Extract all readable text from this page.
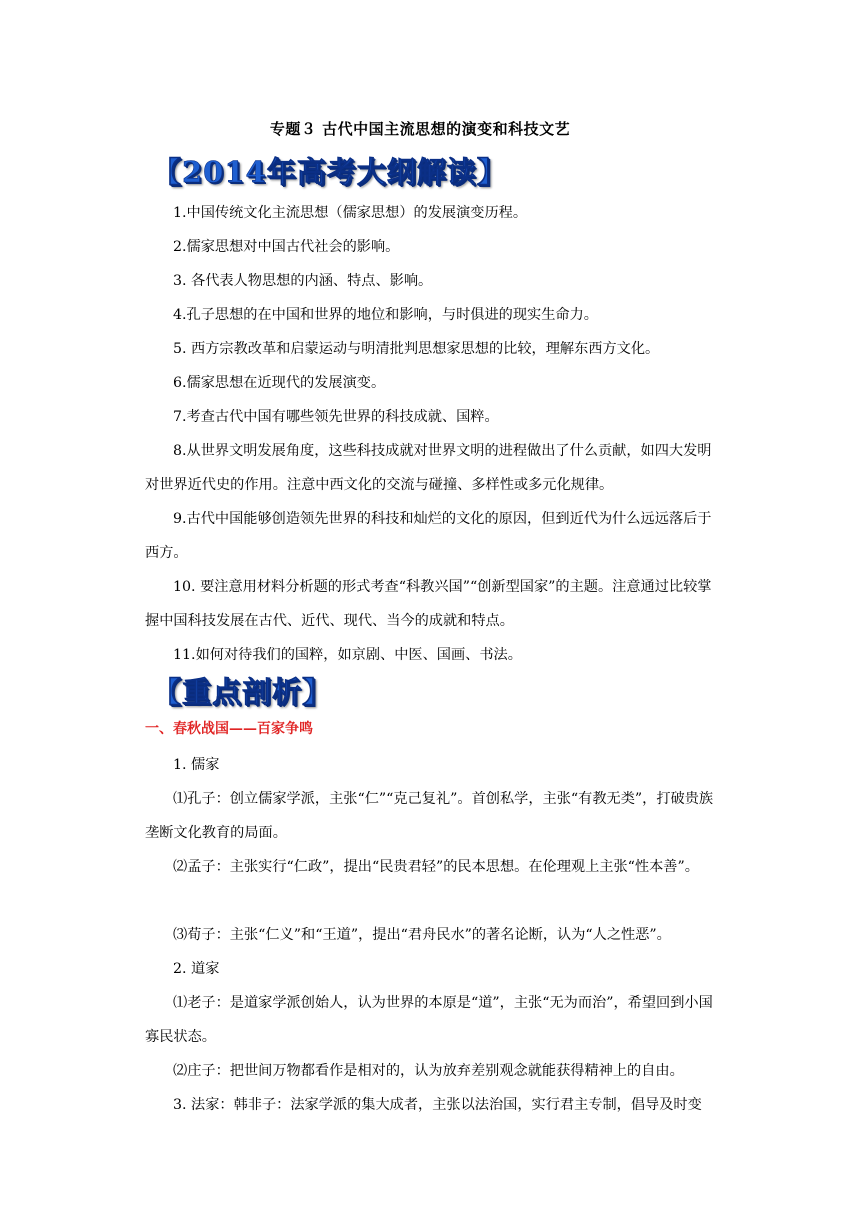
专题３ 古代中国主流思想的演变和科技文艺
【2014年高考大纲解读】
1.中国传统文化主流思想（儒家思想）的发展演变历程。
2.儒家思想对中国古代社会的影响。
3. 各代表人物思想的内涵、特点、影响。
4.孔子思想的在中国和世界的地位和影响，与时俱进的现实生命力。
5. 西方宗教改革和启蒙运动与明清批判思想家思想的比较，理解东西方文化。
6.儒家思想在近现代的发展演变。
7.考查古代中国有哪些领先世界的科技成就、国粹。
8.从世界文明发展角度，这些科技成就对世界文明的进程做出了什么贡献，如四大发明对世界近代史的作用。注意中西文化的交流与碰撞、多样性或多元化规律。
9.古代中国能够创造领先世界的科技和灿烂的文化的原因，但到近代为什么远远落后于西方。
10. 要注意用材料分析题的形式考查“科教兴国”“创新型国家”的主题。注意通过比较掌握中国科技发展在古代、近代、现代、当今的成就和特点。
11.如何对待我们的国粹，如京剧、中医、国画、书法。
【重点剖析】
一、春秋战国——百家争鸣
1. 儒家
⑴孔子：创立儒家学派，主张“仁”“克己复礼”。首创私学，主张“有教无类”，打破贵族垄断文化教育的局面。
⑵孟子：主张实行“仁政”，提出“民贵君轻”的民本思想。在伦理观上主张“性本善”。
⑶荀子：主张“仁义”和“王道”，提出“君舟民水”的著名论断，认为“人之性恶”。
2. 道家
⑴老子：是道家学派创始人，认为世界的本原是“道”，主张“无为而治”，希望回到小国寡民状态。
⑵庄子：把世间万物都看作是相对的，认为放弃差别观念就能获得精神上的自由。
3. 法家：韩非子：法家学派的集大成者，主张以法治国，实行君主专制，倡导及时变
